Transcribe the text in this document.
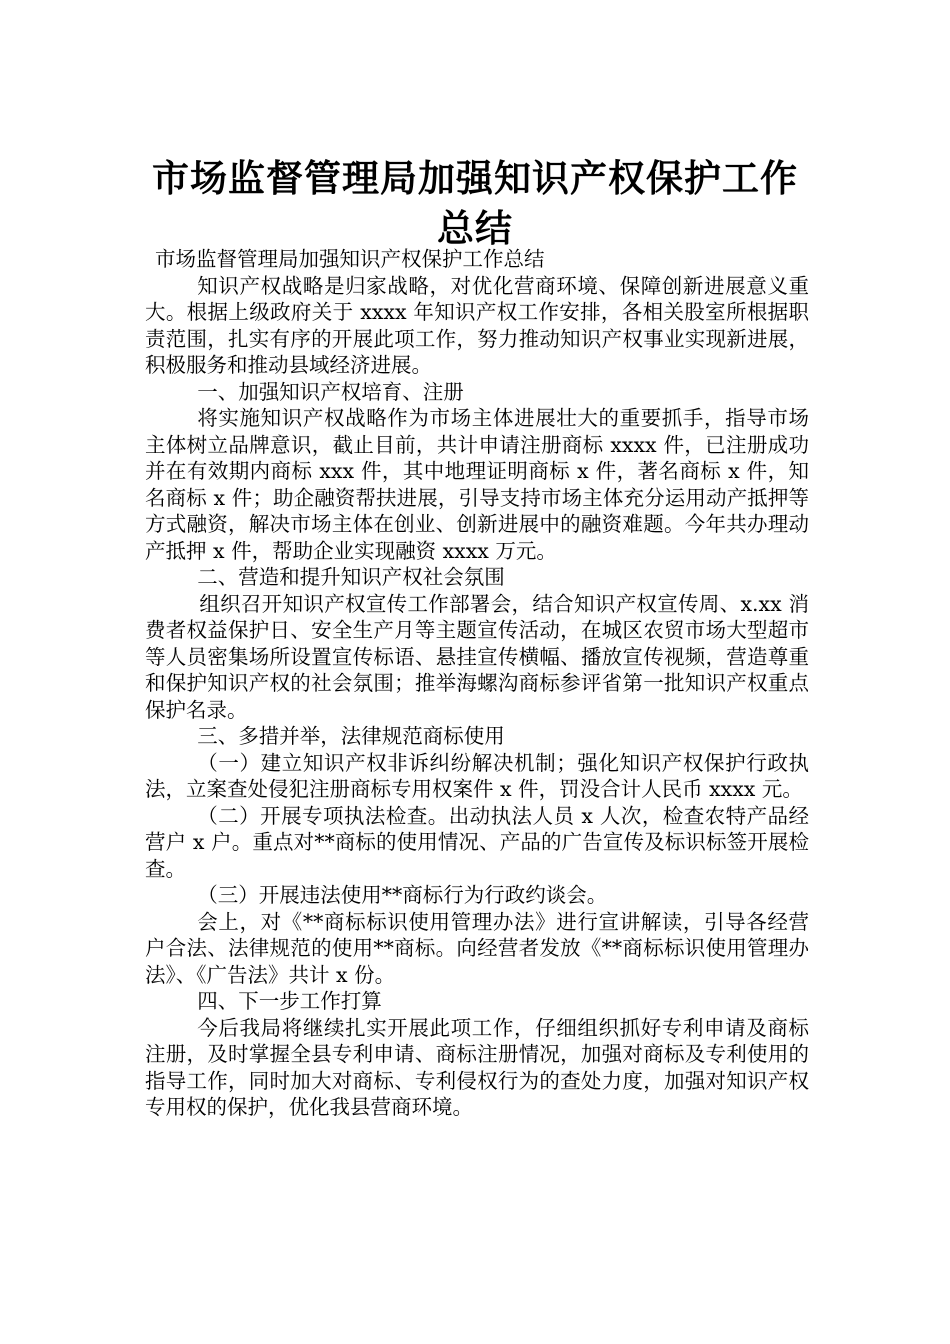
市场监督管理局加强知识产权保护工作总结

市场监督管理局加强知识产权保护工作总结

知识产权战略是归家战略，对优化营商环境、保障创新进展意义重大。根据上级政府关于 xxxx 年知识产权工作安排，各相关股室所根据职责范围，扎实有序的开展此项工作，努力推动知识产权事业实现新进展，积极服务和推动县域经济进展。

一、加强知识产权培育、注册

将实施知识产权战略作为市场主体进展壮大的重要抓手，指导市场主体树立品牌意识，截止目前，共计申请注册商标 xxxx 件，已注册成功并在有效期内商标 xxx 件，其中地理证明商标 x 件，著名商标 x 件，知名商标 x 件；助企融资帮扶进展，引导支持市场主体充分运用动产抵押等方式融资，解决市场主体在创业、创新进展中的融资难题。今年共办理动产抵押 x 件，帮助企业实现融资 xxxx 万元。

二、营造和提升知识产权社会氛围

组织召开知识产权宣传工作部署会，结合知识产权宣传周、x.xx 消费者权益保护日、安全生产月等主题宣传活动，在城区农贸市场大型超市等人员密集场所设置宣传标语、悬挂宣传横幅、播放宣传视频，营造尊重和保护知识产权的社会氛围；推举海螺沟商标参评省第一批知识产权重点保护名录。

三、多措并举，法律规范商标使用

（一）建立知识产权非诉纠纷解决机制；强化知识产权保护行政执法，立案查处侵犯注册商标专用权案件 x 件，罚没合计人民币 xxxx 元。

（二）开展专项执法检查。出动执法人员 x 人次，检查农特产品经营户 x 户。重点对**商标的使用情况、产品的广告宣传及标识标签开展检查。

（三）开展违法使用**商标行为行政约谈会。

会上，对《**商标标识使用管理办法》进行宣讲解读，引导各经营户合法、法律规范的使用**商标。向经营者发放《**商标标识使用管理办法》、《广告法》共计 x 份。

四、下一步工作打算

今后我局将继续扎实开展此项工作，仔细组织抓好专利申请及商标注册，及时掌握全县专利申请、商标注册情况，加强对商标及专利使用的指导工作，同时加大对商标、专利侵权行为的查处力度，加强对知识产权专用权的保护，优化我县营商环境。
